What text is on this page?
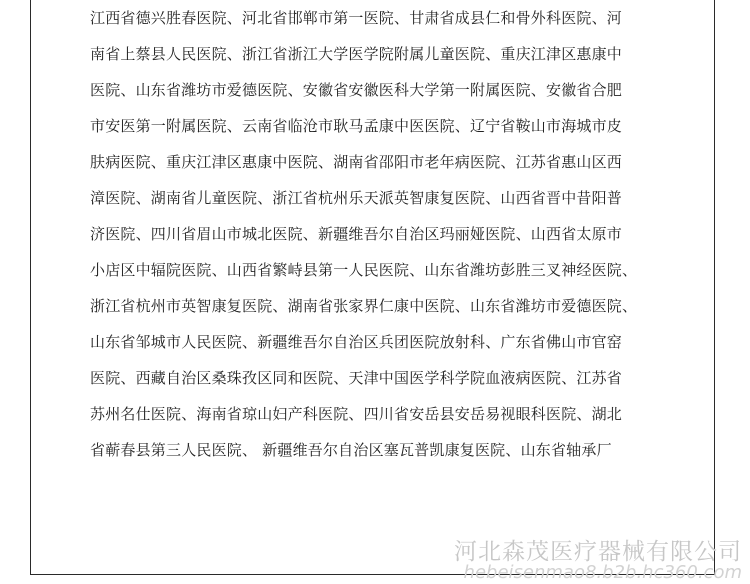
江西省德兴胜春医院、河北省邯郸市第一医院、甘肃省成县仁和骨外科医院、河
南省上蔡县人民医院、浙江省浙江大学医学院附属儿童医院、重庆江津区惠康中
医院、山东省潍坊市爱德医院、安徽省安徽医科大学第一附属医院、安徽省合肥
市安医第一附属医院、云南省临沧市耿马孟康中医医院、辽宁省鞍山市海城市皮
肤病医院、重庆江津区惠康中医院、湖南省邵阳市老年病医院、江苏省惠山区西
漳医院、湖南省儿童医院、浙江省杭州乐天派英智康复医院、山西省晋中昔阳普
济医院、四川省眉山市城北医院、新疆维吾尔自治区玛丽娅医院、山西省太原市
小店区中辐院医院、山西省繁峙县第一人民医院、山东省潍坊彭胜三叉神经医院、
浙江省杭州市英智康复医院、湖南省张家界仁康中医院、山东省潍坊市爱德医院、
山东省邹城市人民医院、新疆维吾尔自治区兵团医院放射科、广东省佛山市官窑
医院、西藏自治区桑珠孜区同和医院、天津中国医学科学院血液病医院、江苏省
苏州名仕医院、海南省琼山妇产科医院、四川省安岳县安岳易视眼科医院、湖北
省蕲春县第三人民医院、 新疆维吾尔自治区塞瓦普凯康复医院、山东省轴承厂
河北森茂医疗器械有限公司
hebeisenmao8.b2b.hc360.com
